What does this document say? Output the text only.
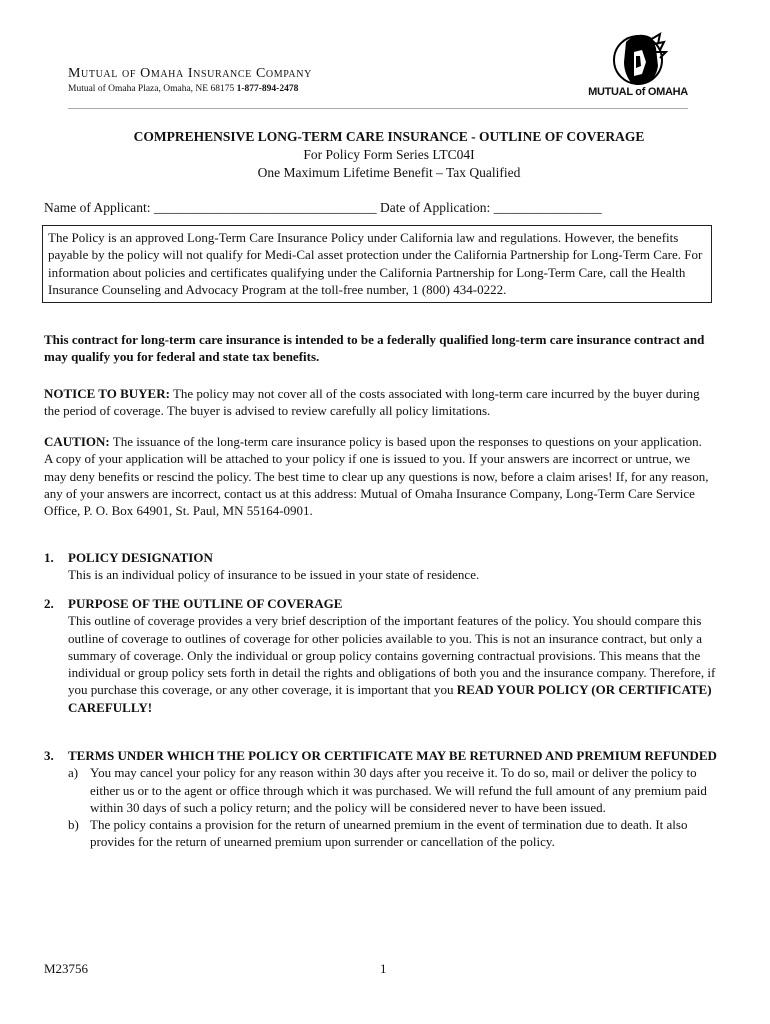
Mutual of Omaha Insurance Company
Mutual of Omaha Plaza, Omaha, NE 68175 1-877-894-2478	MUTUAL of OMAHA
COMPREHENSIVE LONG-TERM CARE INSURANCE - OUTLINE OF COVERAGE
For Policy Form Series LTC04I
One Maximum Lifetime Benefit – Tax Qualified
Name of Applicant: _________________________________ Date of Application: ________________
The Policy is an approved Long-Term Care Insurance Policy under California law and regulations. However, the benefits payable by the policy will not qualify for Medi-Cal asset protection under the California Partnership for Long-Term Care. For information about policies and certificates qualifying under the California Partnership for Long-Term Care, call the Health Insurance Counseling and Advocacy Program at the toll-free number, 1 (800) 434-0222.
This contract for long-term care insurance is intended to be a federally qualified long-term care insurance contract and may qualify you for federal and state tax benefits.
NOTICE TO BUYER: The policy may not cover all of the costs associated with long-term care incurred by the buyer during the period of coverage. The buyer is advised to review carefully all policy limitations.
CAUTION: The issuance of the long-term care insurance policy is based upon the responses to questions on your application. A copy of your application will be attached to your policy if one is issued to you. If your answers are incorrect or untrue, we may deny benefits or rescind the policy. The best time to clear up any questions is now, before a claim arises! If, for any reason, any of your answers are incorrect, contact us at this address: Mutual of Omaha Insurance Company, Long-Term Care Service Office, P. O. Box 64901, St. Paul, MN 55164-0901.
1. POLICY DESIGNATION
This is an individual policy of insurance to be issued in your state of residence.
2. PURPOSE OF THE OUTLINE OF COVERAGE
This outline of coverage provides a very brief description of the important features of the policy. You should compare this outline of coverage to outlines of coverage for other policies available to you. This is not an insurance contract, but only a summary of coverage. Only the individual or group policy contains governing contractual provisions. This means that the individual or group policy sets forth in detail the rights and obligations of both you and the insurance company. Therefore, if you purchase this coverage, or any other coverage, it is important that you READ YOUR POLICY (OR CERTIFICATE) CAREFULLY!
3. TERMS UNDER WHICH THE POLICY OR CERTIFICATE MAY BE RETURNED AND PREMIUM REFUNDED
a) You may cancel your policy for any reason within 30 days after you receive it. To do so, mail or deliver the policy to either us or to the agent or office through which it was purchased. We will refund the full amount of any premium paid within 30 days of such a policy return; and the policy will be considered never to have been issued.
b) The policy contains a provision for the return of unearned premium in the event of termination due to death. It also provides for the return of unearned premium upon surrender or cancellation of the policy.
M23756	1
